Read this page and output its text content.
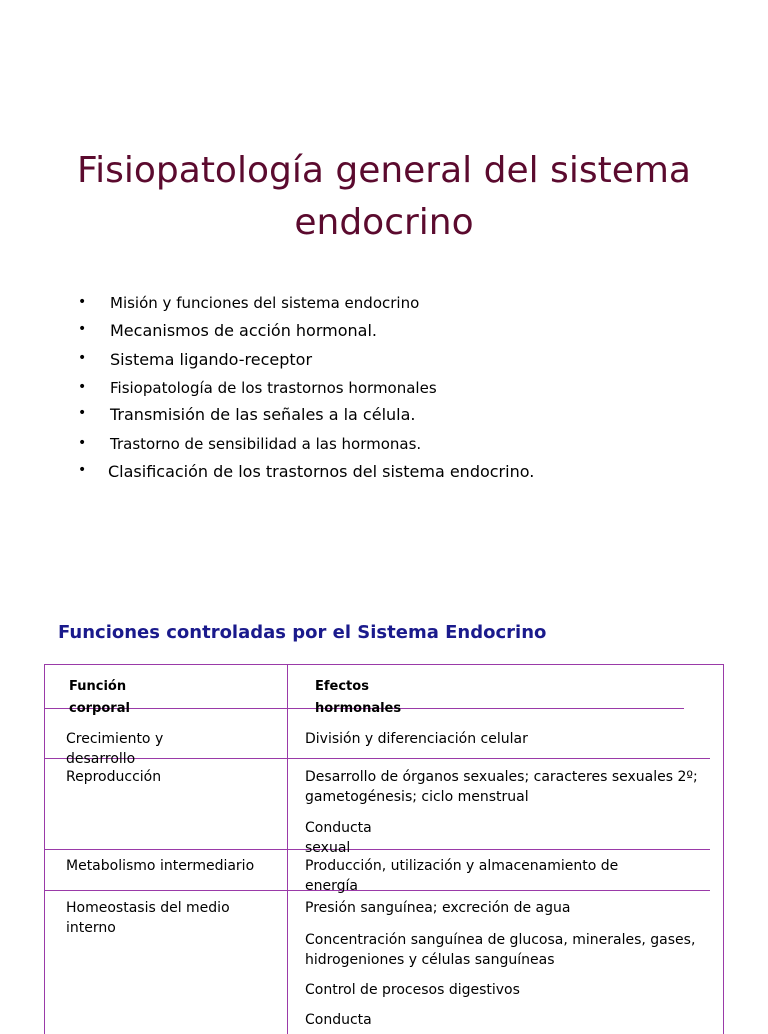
Fisiopatología general del sistema endocrino
• Misión y funciones del sistema endocrino
• Mecanismos de acción hormonal.
• Sistema ligando-receptor
• Fisiopatología de los trastornos hormonales
• Transmisión de las señales a la célula.
• Trastorno de sensibilidad a las hormonas.
• Clasificación de los trastornos del sistema endocrino.
Funciones controladas por el Sistema Endocrino
Función corporal
Efectos hormonales
Crecimiento y desarrollo
División y diferenciación celular
Reproducción	Desarrollo de órganos sexuales; caracteres sexuales 2º; gametogénesis; ciclo menstrual
Conducta sexual
Metabolismo intermediario	Producción, utilización y almacenamiento de energía
Homeostasis del medio interno
Presión sanguínea; excreción de agua
Concentración sanguínea de glucosa, minerales, gases, hidrogeniones y células sanguíneas
Control de procesos digestivos
Conducta
